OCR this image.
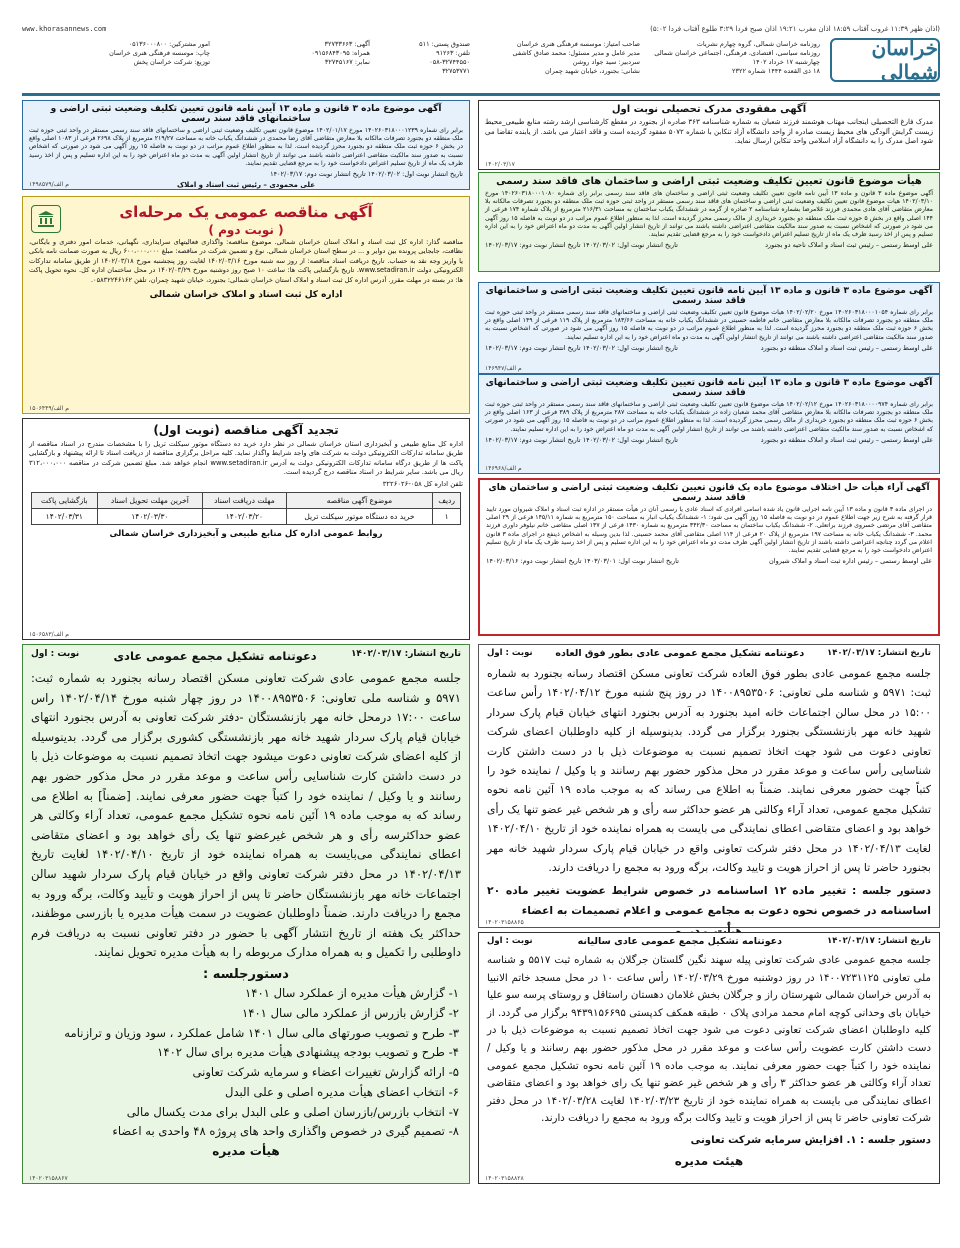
(اذان ظهر ۱۱:۳۹ غروب آفتاب ۱۸:۵۹ اذان مغرب ۱۹:۲۱ اذان صبح فردا ۳:۲۹ طلوع آفتاب فردا ۵:۰۲)
www.khorasannews.com
خراسان شمالی
روزنامه خراسان شمالی، گروه چهارم نشریات
روزنامه سیاسی، اقتصادی، فرهنگی، اجتماعی خراسان شمالی
چهارشنبه ۱۷ خرداد ۱۴۰۲
۱۸ ذی القعده ۱۴۴۴ شماره ۲۳۲۲
صاحب امتیاز: موسسه فرهنگی هنری خراسان
مدیر عامل و مدیر مسئول: محمد صادق کاشفی
سردبیر: سید جواد روشن
نشانی: بجنورد، خیابان شهید چمران
صندوق پستی: ۵۱۱
تلفن: ۹۱۲۶۳
۰۵۸-۳۲۷۴۴۵۵۰
۳۲۷۵۳۷۷۱
آگهی: ۳۲۷۳۳۶۶۳
همراه: ۰۹۱۵۶۸۴۳۰۹۵
نمابر: ۳۲۷۴۵۱۶۷
امور مشترکین: ۰۵۱۳۶۰۰۰۸۰۰
چاپ: موسسه فرهنگی هنری خراسان
توزیع: شرکت خراسان پخش
آگهی مفقودی مدرک تحصیلی نوبت اول
مدرک فارغ التحصیلی اینجانب مهتاب هوشمند فرزند شعبان به شماره شناسنامه ۳۶۳ صادره از بجنورد در مقطع کارشناسی ارشد رشته منابع طبیعی_محیط زیست گرایش آلودگی های محیط زیست صادره از واحد دانشگاه آزاد تنکابن با شماره ۵۰۷۲ مفقود گردیده است و فاقد اعتبار می باشد. از یابنده تقاضا می شود اصل مدرک را به دانشگاه آزاد اسلامی واحد تنکابن ارسال نماید.
۱۴۰۲/۰۳/۱۷
هیأت موضوع قانون تعیین تکلیف وضعیت ثبتی اراضی و ساختمان های فاقد سند رسمی
آگهی موضوع ماده ۳ قانون و ماده ۱۳ آیین نامه قانون تعیین تکلیف وضعیت ثبتی اراضی و ساختمان های فاقد سند رسمی برابر رای شماره ۱۴۰۲۶۰۳۱۸۰۰۰۱۰۸۰ مورخ ۱۴۰۲/۰۳/۱۰ هیات موضوع قانون تعیین تکلیف وضعیت ثبتی اراضی و ساختمان های فاقد سند رسمی مستقر در واحد ثبتی حوزه ثبت ملک منطقه دو بجنورد تصرفات مالکانه بلا معارض متقاضی آقای هادی محمدی فرزند غلامرضا بشماره شناسنامه ۲ صادره از گرمه در ششدانگ یکباب ساختمان به مساحت ۲۱۶/۳۱ مترمربع از پلاک شماره ۱۷۴ فرعی از ۱۴۴ اصلی واقع در بخش ۵ حوزه ثبت ملک منطقه دو بجنورد خریداری از مالک رسمی محرز گردیده است. لذا به منظور اطلاع عموم مراتب در دو نوبت به فاصله ۱۵ روز آگهی می شود در صورتی که اشخاص نسبت به صدور سند مالکیت متقاضی اعتراضی داشته باشند می توانند از تاریخ انتشار اولین آگهی به مدت دو ماه اعتراض خود را به این اداره تسلیم و پس از اخذ رسید ظرف یک ماه از تاریخ تسلیم اعتراض دادخواست خود را به مرجع قضایی تقدیم نمایند.
علی اوسط رستمی – رئیس ثبت اسناد و املاک ناحیه دو بجنورد
تاریخ انتشار نوبت اول: ۱۴۰۲/۰۳/۰۲ تاریخ انتشار نوبت دوم: ۱۴۰۲/۰۳/۱۷
آگهی موضوع ماده ۳ قانون و ماده ۱۳ آیین نامه قانون تعیین تکلیف وضعیت ثبتی اراضی و ساختمانهای فاقد سند رسمی
برابر رای شماره ۱۴۰۲۶۰۳۱۸۰۰۰۱۰۵۴ مورخ ۱۴۰۲/۰۲/۲۰ هیات موضوع قانون تعیین تکلیف وضعیت ثبتی اراضی و ساختمانهای فاقد سند رسمی مستقر در واحد ثبتی حوزه ثبت ملک منطقه دو بجنورد تصرفات مالکانه بلا معارض متقاضی خانم فاطمه حسینی در ششدانگ یکباب خانه به مساحت ۱۸۳/۶۶ مترمربع از پلاک ۱۱۹ فرعی از ۱۴۹ اصلی واقع در بخش ۶ حوزه ثبت ملک منطقه دو بجنورد محرز گردیده است. لذا به منظور اطلاع عموم مراتب در دو نوبت به فاصله ۱۵ روز آگهی می شود در صورتی که اشخاص نسبت به صدور سند مالکیت متقاضی اعتراضی داشته باشند می توانند از تاریخ انتشار اولین آگهی به مدت دو ماه اعتراض خود را به این اداره تسلیم نمایند.
علی اوسط رستمی – رئیس ثبت اسناد و املاک منطقه دو بجنورد
تاریخ انتشار نوبت اول: ۱۴۰۲/۰۳/۰۲ تاریخ انتشار نوبت دوم: ۱۴۰۲/۰۳/۱۷
م الف/۱۴۶۹۴۷
آگهی موضوع ماده ۳ قانون و ماده ۱۳ آیین نامه قانون تعیین تکلیف وضعیت ثبتی اراضی و ساختمانهای فاقد سند رسمی
برابر رای شماره ۱۴۰۲۶۰۳۱۸۰۰۰۰۹۷۴ مورخ ۱۴۰۲/۰۲/۱۲ هیات موضوع قانون تعیین تکلیف وضعیت ثبتی اراضی و ساختمانهای فاقد سند رسمی مستقر در واحد ثبتی حوزه ثبت ملک منطقه دو بجنورد تصرفات مالکانه بلا معارض متقاضی آقای محمد شعبان زاده در ششدانگ یکباب خانه به مساحت ۲۸۷ مترمربع از پلاک ۳۸۹ فرعی از ۱۶۳ اصلی واقع در بخش ۶ حوزه ثبت ملک منطقه دو بجنورد خریداری از مالک رسمی محرز گردیده است. لذا به منظور اطلاع عموم مراتب در دو نوبت به فاصله ۱۵ روز آگهی می شود در صورتی که اشخاص نسبت به صدور سند مالکیت متقاضی اعتراضی داشته باشند می توانند از تاریخ انتشار اولین آگهی به مدت دو ماه اعتراض خود را به این اداره تسلیم نمایند.
علی اوسط رستمی – رئیس ثبت اسناد و املاک منطقه دو بجنورد
تاریخ انتشار نوبت اول: ۱۴۰۲/۰۳/۰۲ تاریخ انتشار نوبت دوم: ۱۴۰۲/۰۳/۱۷
م الف/۱۴۶۹۶۸
آگهی آراء هیأت حل اختلاف موضوع ماده یک قانون تعیین تکلیف وضعیت ثبتی اراضی و ساختمان های فاقد سند رسمی
در اجرای ماده ۳ قانون و ماده ۱۳ آیین نامه اجرایی قانون یاد شده اسامی افرادی که اسناد عادی یا رسمی آنان در هیأت مستقر در اداره ثبت اسناد و املاک شیروان مورد تایید قرار گرفته به شرح زیر جهت اطلاع عموم در دو نوبت به فاصله ۱۵ روز آگهی می شود: ۱- ششدانگ یکباب انبار به مساحت ۱۵۰ مترمربع به شماره ۱۴۵/۱۱ فرعی از ۲۹ اصلی متقاضی آقای مرتضی خسروی فرزند براتعلی. ۲- ششدانگ یکباب ساختمان به مساحت ۳۴۲/۳۰ مترمربع به شماره ۱۴۳۰ فرعی از ۱۳۷ اصلی متقاضی خانم نیلوفر داوری فرزند محمد. ۳- ششدانگ یکباب خانه به مساحت ۱۹۷ مترمربع از پلاک ۲۰ فرعی از ۱۱۴ اصلی متقاضی آقای محمد حسینی. لذا بدین وسیله به اشخاص ذینفع در اجرای ماده ۳ قانون اعلام می گردد چنانچه اعتراضی داشته باشند از تاریخ انتشار اولین آگهی ظرف مدت دو ماه اعتراض خود را به این اداره تسلیم و پس از اخذ رسید ظرف یک ماه از تاریخ تسلیم اعتراض دادخواست خود را به مرجع قضایی تقدیم نمایند.
علی اوسط رستمی – رئیس اداره ثبت اسناد و املاک شیروان
تاریخ انتشار نوبت اول: ۱۴۰۳/۰۳/۰۱ تاریخ انتشار نوبت دوم: ۱۴۰۲/۰۳/۱۶
تاریخ انتشار: ۱۴۰۲/۰۳/۱۷
دعوتنامه تشکیل مجمع عمومی عادی بطور فوق العاده
نوبت : اول
جلسه مجمع عمومی عادی بطور فوق العاده شرکت تعاونی مسکن اقتصاد رسانه بجنورد به شماره ثبت: ۵۹۷۱ و شناسه ملی تعاونی: ۱۴۰۰۸۹۵۳۵۰۶ در روز پنج شنبه مورخ ۱۴۰۲/۰۴/۱۲ رأس ساعت ۱۵:۰۰ در محل سالن اجتماعات خانه امید بجنورد به آدرس بجنورد انتهای خیابان قیام پارک سردار شهید خانه مهر بازنشستگی بجنورد برگزار می گردد. بدینوسیله از کلیه داوطلبان اعضای شرکت تعاونی دعوت می شود جهت اتخاذ تصمیم نسبت به موضوعات ذیل با در دست داشتن کارت شناسایی رأس ساعت و موعد مقرر در محل مذکور حضور بهم رسانند و یا وکیل / نماینده خود را کتباً جهت حضور معرفی نمایند. ضمناً به اطلاع می رساند که به موجب ماده ۱۹ آئین نامه نحوه تشکیل مجمع عمومی، تعداد آراء وکالتی هر عضو حداکثر سه رأی و هر شخص غیر عضو تنها یک رأی خواهد بود و اعضای متقاضی اعطای نمایندگی می بایست به همراه نماینده خود از تاریخ ۱۴۰۲/۰۴/۱۰ لغایت ۱۴۰۲/۰۴/۱۳ در محل دفتر شرکت تعاونی واقع در خیابان قیام پارک سردار شهید خانه مهر بجنورد حاضر تا پس از احراز هویت و تایید وکالت، برگه ورود به مجمع را دریافت دارند.
دستور جلسه : تغییر ماده ۱۲ اساسنامه در خصوص شرایط عضویت تغییر ماده ۲۰ اساسنامه در خصوص نحوه دعوت به مجامع عمومی و اعلام تصمیمات به اعضاء
۱۴۰۲۰۳۱۵۸۸۶۵
تاریخ انتشار: ۱۴۰۲/۰۳/۱۷
دعوتنامه تشکیل مجمع عمومی عادی سالیانه
نوبت : اول
جلسه مجمع عمومی عادی شرکت تعاونی پیله سهند نگین گلستان جرگلان به شماره ثبت ۵۵۱۷ و شناسه ملی تعاونی ۱۴۰۰۷۲۳۱۱۲۵ در روز دوشنبه مورخ ۱۴۰۲/۰۳/۲۹ رأس ساعت ۱۰ در محل مسجد خاتم الانبیا به آدرس خراسان شمالی شهرستان راز و جرگلان بخش غلامان دهستان راستاقل و روستای پرسه سو علیا خیابان بای وحدانی کوچه امام محمد مرادی پلاک ۰ طبقه همکف کدپستی ۹۴۳۹۱۵۶۶۹۵ برگزار می گردد. از کلیه داوطلبان اعضای شرکت تعاونی دعوت می شود جهت اتخاذ تصمیم نسبت به موضوعات ذیل با در دست داشتن کارت عضویت رأس ساعت و موعد مقرر در محل مذکور حضور بهم رسانند و یا وکیل / نماینده خود را کتباً جهت حضور معرفی نمایند. به موجب ماده ۱۹ آئین نامه نحوه تشکیل مجمع عمومی تعداد آراء وکالتی هر عضو حداکثر ۳ رأی و هر شخص غیر عضو تنها یک رای خواهد بود و اعضای متقاضی اعطای نمایندگی می بایست به همراه نماینده خود از تاریخ ۱۴۰۲/۰۳/۲۳ لغایت ۱۴۰۲/۰۳/۲۸ در محل دفتر شرکت تعاونی حاضر تا پس از احراز هویت و تایید وکالت برگه ورود به مجمع را دریافت دارند.
دستور جلسه : ۱. افزایش سرمایه شرکت تعاونی
هیئت مدیره
۱۴۰۲۰۳۱۵۸۸۲۸
آگهی موضوع ماده ۳ قانون و ماده ۱۳ آیین نامه قانون تعیین تکلیف وضعیت ثبتی اراضی و ساختمانهای فاقد سند رسمی
برابر رای شماره ۱۴۰۲۶۰۳۱۸۰۰۰۱۲۳۹ مورخ ۱۴۰۲/۰۱/۱۷ موضوع قانون تعیین تکلیف وضعیت ثبتی اراضی و ساختمانهای فاقد سند رسمی مستقر در واحد ثبتی حوزه ثبت ملک منطقه دو بجنورد تصرفات مالکانه بلا معارض متقاضی آقای رضا محمدی در ششدانگ یکباب خانه به مساحت ۲۱۹/۲۷ مترمربع از پلاک ۲۶۹۸ فرعی از ۱۰۸۳ اصلی واقع در بخش ۶ حوزه ثبت ملک منطقه دو بجنورد محرز گردیده است. لذا به منظور اطلاع عموم مراتب در دو نوبت به فاصله ۱۵ روز آگهی می شود در صورتی که اشخاص نسبت به صدور سند مالکیت متقاضی اعتراضی داشته باشند می توانند از تاریخ انتشار اولین آگهی به مدت دو ماه اعتراض خود را به این اداره تسلیم و پس از اخذ رسید ظرف یک ماه از تاریخ تسلیم اعتراض دادخواست خود را به مرجع قضایی تقدیم نمایند.
تاریخ انتشار نوبت اول: ۱۴۰۲/۰۳/۰۲ تاریخ انتشار نوبت دوم: ۱۴۰۲/۰۳/۱۷
علی محمودی – رئیس ثبت اسناد و املاک
م الف/۱۴۹۸۵۷۹
آگهی مناقصه عمومی یک مرحله‌ای
( نوبت دوم )
مناقصه گذار: اداره کل ثبت اسناد و املاک استان خراسان شمالی. موضوع مناقصه: واگذاری فعالیتهای سرایداری، نگهبانی، خدمات امور دفتری و بایگانی، نظافت، جابجایی پرونده بین دوایر و ... در سطح استان خراسان شمالی. نوع و تضمین شرکت در مناقصه: مبلغ ۶۰۰،۰۰۰،۰۰۰ ریال به صورت ضمانت نامه بانکی یا واریز وجه نقد به حساب. تاریخ دریافت اسناد مناقصه: از روز سه شنبه مورخ ۱۴۰۲/۰۳/۱۶ لغایت روز پنجشنبه مورخ ۱۴۰۲/۰۳/۱۸ از طریق سامانه تدارکات الکترونیکی دولت www.setadiran.ir. تاریخ بازگشایی پاکت ها: ساعت ۱۰ صبح روز دوشنبه مورخ ۱۴۰۲/۰۳/۲۹ در محل ساختمان اداره کل. نحوه تحویل پاکت ها: در بسته در مهلت مقرر. آدرس اداره کل ثبت اسناد و املاک استان خراسان شمالی: بجنورد، خیابان شهید چمران، تلفن ۰۵۸۳۲۲۴۶۱۶۲.
اداره کل ثبت اسناد و املاک خراسان شمالی
م الف/۱۵۰۶۴۴۹
تجدید آگهی مناقصه (نوبت اول)
اداره کل منابع طبیعی و آبخیزداری استان خراسان شمالی در نظر دارد خرید ده دستگاه موتور سیکلت تریل را با مشخصات مندرج در اسناد مناقصه از طریق سامانه تدارکات الکترونیکی دولت به شرکت های واجد شرایط واگذار نماید. کلیه مراحل برگزاری مناقصه از دریافت اسناد تا ارائه پیشنهاد و بازگشایی پاکت ها از طریق درگاه سامانه تدارکات الکترونیکی دولت به آدرس www.setadiran.ir انجام خواهد شد. مبلغ تضمین شرکت در مناقصه ۳۱۲،۰۰۰،۰۰۰ ریال می باشد. سایر شرایط در اسناد مناقصه درج گردیده است.
تلفن اداره کل ۰۵۸-۳۲۲۶۰۲۶
ردیف	موضوع آگهی مناقصه	مهلت دریافت اسناد	آخرین مهلت تحویل اسناد	بازگشایی پاکت
۱	خرید ده دستگاه موتور سیکلت تریل	۱۴۰۲/۰۳/۲۰	۱۴۰۲/۰۳/۳۰	۱۴۰۲/۰۳/۳۱
روابط عمومی اداره کل منابع طبیعی و آبخیزداری خراسان شمالی
م الف/۱۵۰۶۵۸۳
تاریخ انتشار: ۱۴۰۲/۰۳/۱۷
دعوتنامه تشکیل مجمع عمومی عادی
نوبت : اول
جلسه مجمع عمومی عادی شرکت تعاونی مسکن اقتصاد رسانه بجنورد به شماره ثبت: ۵۹۷۱ و شناسه ملی تعاونی: ۱۴۰۰۸۹۵۳۵۰۶ در روز چهار شنبه مورخ ۱۴۰۲/۰۴/۱۴ راس ساعت ۱۷:۰۰ درمحل خانه مهر بازنشستگان -دفتر شرکت تعاونی به آدرس بجنورد انتهای خیابان قیام پارک سردار شهید خانه مهر بازنشستگی کشوری برگزار می گردد. بدینوسیله از کلیه اعضای شرکت تعاونی دعوت میشود جهت اتخاذ تصمیم نسبت به موضوعات ذیل با در دست داشتن کارت شناسایی رأس ساعت و موعد مقرر در محل مذکور حضور بهم رسانند و یا وکیل / نماینده خود را کتباً جهت حضور معرفی نمایند. [ضمناً] به اطلاع می رساند که به موجب ماده ۱۹ آئین نامه نحوه تشکیل مجمع عمومی، تعداد آراء وکالتی هر عضو حداکثرسه رأی و هر شخص غیرعضو تنها یک رأی خواهد بود و اعضای متقاضی اعطای نمایندگی می‌بایست به همراه نماینده خود از تاریخ ۱۴۰۲/۰۴/۱۰ لغایت تاریخ ۱۴۰۲/۰۴/۱۳ در محل دفتر شرکت تعاونی واقع در خیابان قیام پارک سردار شهید سالن اجتماعات خانه مهر بازنشستگان حاضر تا پس از احراز هویت و تأیید وکالت، برگه ورود به مجمع را دریافت دارند. ضمناً داوطلبان عضویت در سمت هیأت مدیره یا بازرسی موظفند، حداکثر یک هفته از تاریخ انتشار آگهی با حضور در دفتر تعاونی نسبت به دریافت فرم داوطلبی را تکمیل و به همراه مدارک مربوطه را به هیأت مدیره تحویل نمایند.
دستورجلسه :
۱- گزارش هیأت مدیره از عملکرد سال ۱۴۰۱
۲- گزارش بازرس از عملکرد مالی سال ۱۴۰۱
۳- طرح و تصویب صورتهای مالی سال ۱۴۰۱ شامل عملکرد ، سود وزیان و ترازنامه
۴- طرح و تصویب بودجه پیشنهادی هیأت مدیره برای سال ۱۴۰۲
۵- ارائه گزارش تغییرات اعضاء و سرمایه شرکت تعاونی
۶- انتخاب اعضای هیأت مدیره اصلی و علی البدل
۷- انتخاب بازرس/بازرسان اصلی و علی البدل برای مدت یکسال مالی
۸- تصمیم گیری در خصوص واگذاری واحد های پروژه ۴۸ واحدی به اعضاء
هیأت مدیره
۱۴۰۲۰۳۱۵۸۸۶۷
